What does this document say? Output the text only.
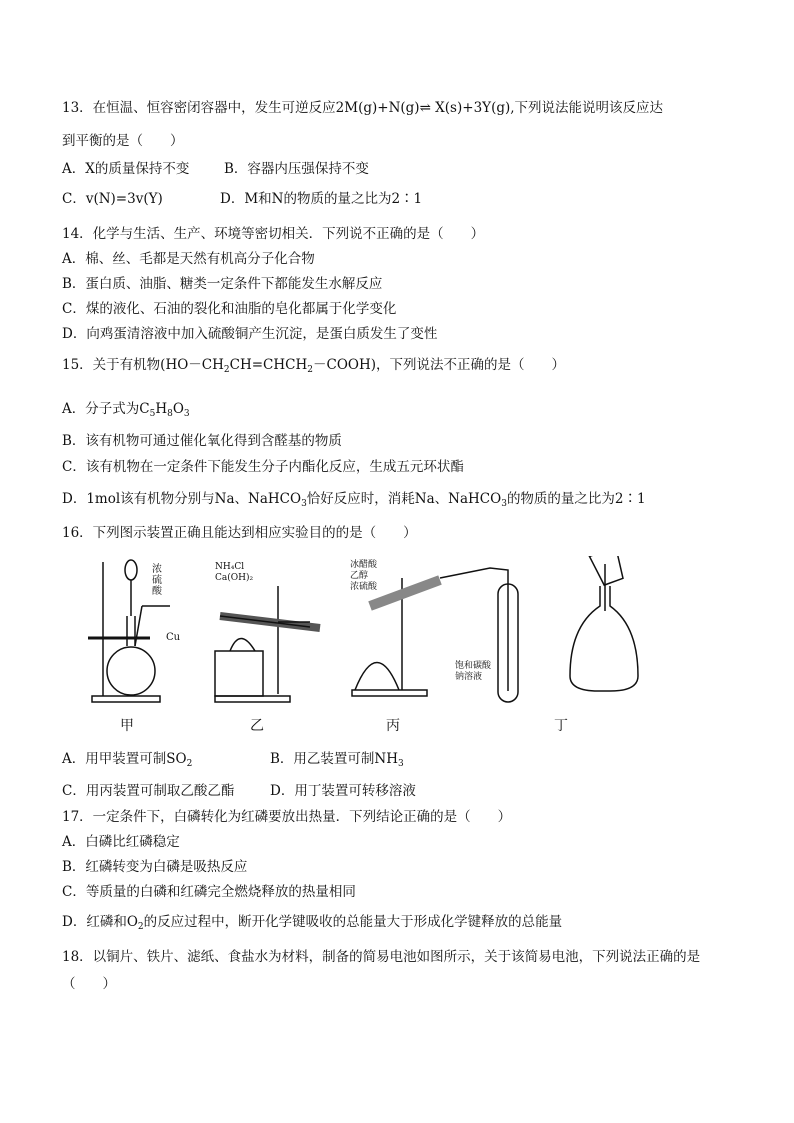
13．在恒温、恒容密闭容器中，发生可逆反应2M(g)+N(g)⇌ X(s)+3Y(g),下列说法能说明该反应达
到平衡的是（　　）
A．X的质量保持不变	B．容器内压强保持不变
C．v(N)=3v(Y)	D．M和N的物质的量之比为2∶1
14．化学与生活、生产、环境等密切相关．下列说不正确的是（　　）
A．棉、丝、毛都是天然有机高分子化合物
B．蛋白质、油脂、糖类一定条件下都能发生水解反应
C．煤的液化、石油的裂化和油脂的皂化都属于化学变化
D．向鸡蛋清溶液中加入硫酸铜产生沉淀，是蛋白质发生了变性
15．关于有机物$(HO-CH_2CH=CHCH_2-COOH)$，下列说法不正确的是（　　）
A．分子式为$C_5H_8O_3$
B．该有机物可通过催化氧化得到含醛基的物质
C．该有机物在一定条件下能发生分子内酯化反应，生成五元环状酯
D．1mol该有机物分别与Na、NaHCO$_3$恰好反应时，消耗Na、NaHCO$_3$的物质的量之比为2∶1
16．下列图示装置正确且能达到相应实验目的的是（　　）
浓硫酸
Cu
NH₄Cl
Ca(OH)₂
冰醋酸
乙醇
浓硫酸
饱和碳酸
钠溶液
甲	乙	丙	丁
A．用甲装置可制$SO_2$	B．用乙装置可制$NH_3$
C．用丙装置可制取乙酸乙酯	D．用丁装置可转移溶液
17．一定条件下，白磷转化为红磷要放出热量．下列结论正确的是（　　）
A．白磷比红磷稳定
B．红磷转变为白磷是吸热反应
C．等质量的白磷和红磷完全燃烧释放的热量相同
D．红磷和$O_2$的反应过程中，断开化学键吸收的总能量大于形成化学键释放的总能量
18．以铜片、铁片、滤纸、食盐水为材料，制备的简易电池如图所示，关于该简易电池，下列说法正确的是
（　　）
